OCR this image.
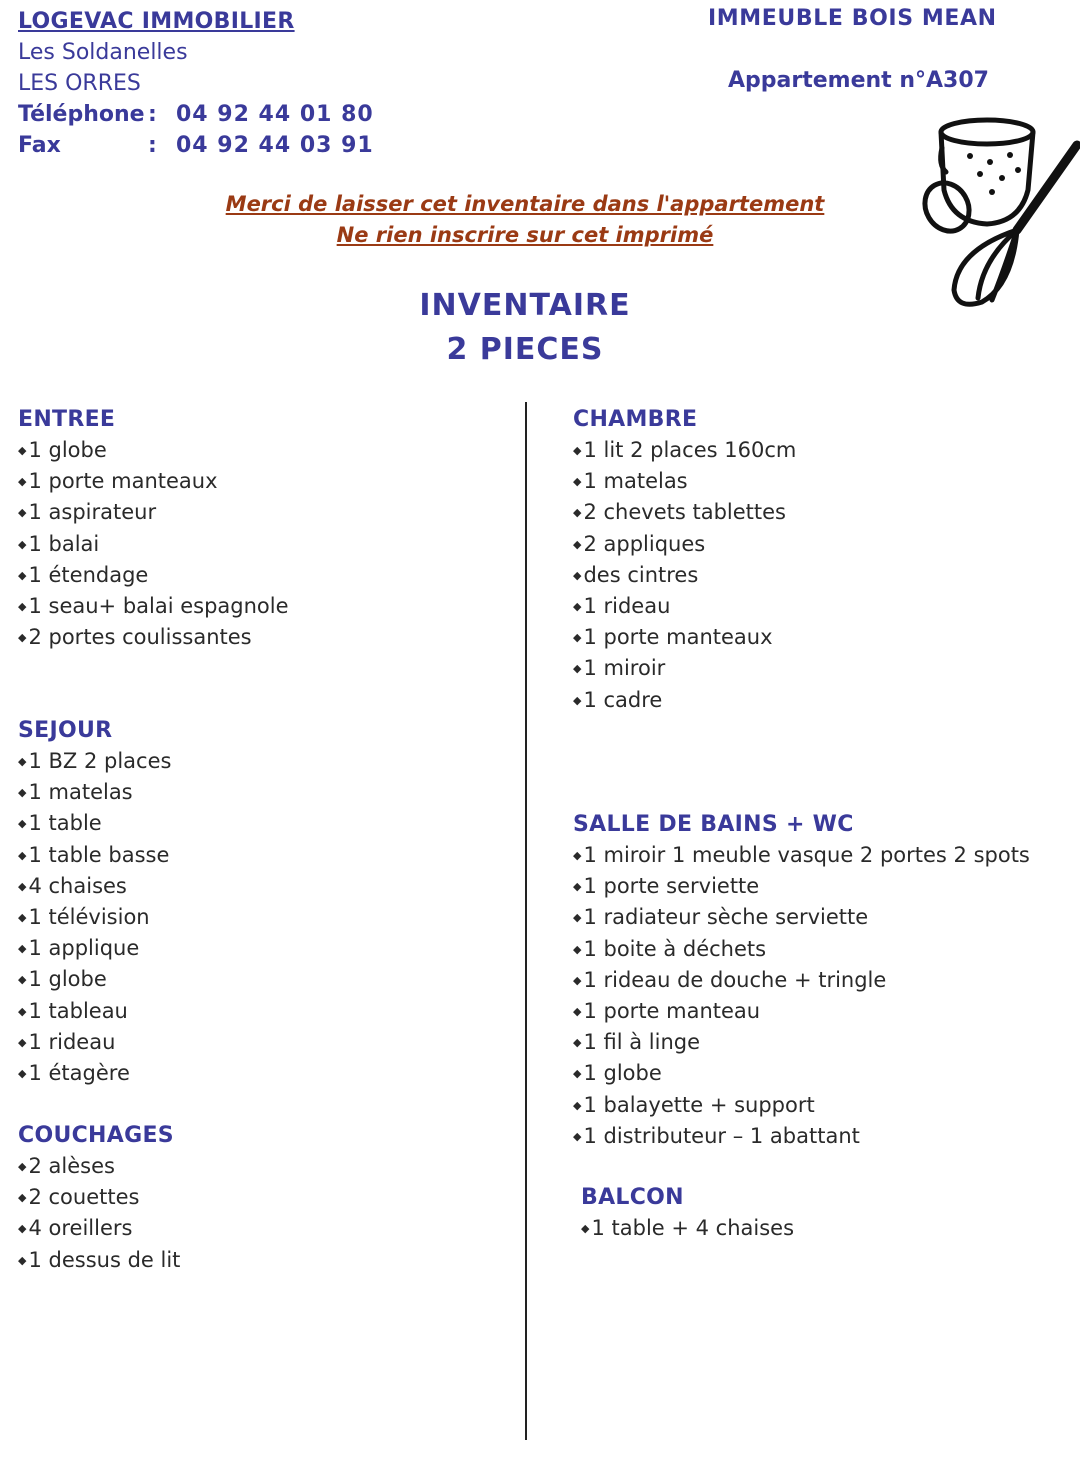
LOGEVAC IMMOBILIER
Les Soldanelles
LES ORRES
Téléphone : 04 92 44 01 80
Fax	: 04 92 44 03 91
IMMEUBLE BOIS MEAN
Appartement n°A307
Merci de laisser cet inventaire dans l'appartement
Ne rien inscrire sur cet imprimé
INVENTAIRE
2 PIECES
ENTREE
◆ 1 globe
◆ 1 porte manteaux
◆ 1 aspirateur
◆ 1 balai
◆ 1 étendage
◆ 1 seau+ balai espagnole
◆ 2 portes coulissantes
SEJOUR
◆ 1 BZ 2 places
◆ 1 matelas
◆ 1 table
◆ 1 table basse
◆ 4 chaises
◆ 1 télévision
◆ 1 applique
◆ 1 globe
◆ 1 tableau
◆ 1 rideau
◆ 1 étagère
COUCHAGES
◆ 2 alèses
◆ 2 couettes
◆ 4 oreillers
◆ 1 dessus de lit
CHAMBRE
◆ 1 lit 2 places 160cm
◆ 1 matelas
◆ 2 chevets tablettes
◆ 2 appliques
◆ des cintres
◆ 1 rideau
◆ 1 porte manteaux
◆ 1 miroir
◆ 1 cadre
SALLE DE BAINS + WC
◆ 1 miroir 1 meuble vasque 2 portes 2 spots
◆ 1 porte serviette
◆ 1 radiateur sèche serviette
◆ 1 boite à déchets
◆ 1 rideau de douche + tringle
◆ 1 porte manteau
◆ 1 fil à linge
◆ 1 globe
◆ 1 balayette + support
◆ 1 distributeur – 1 abattant
BALCON
◆ 1 table + 4 chaises
